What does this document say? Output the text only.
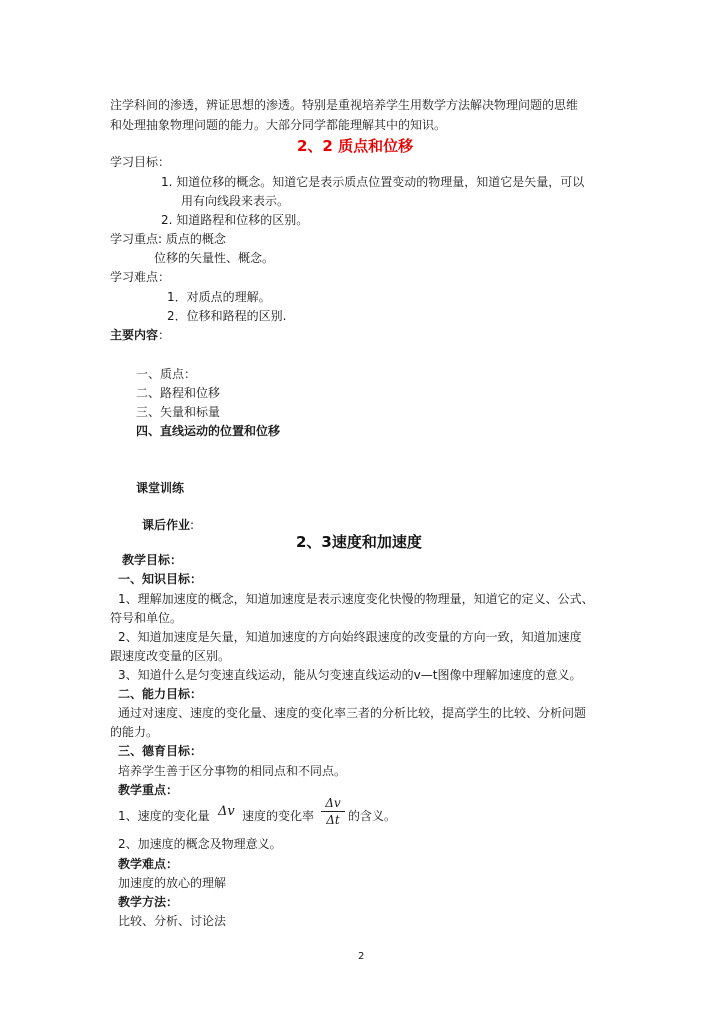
注学科间的渗透，辨证思想的渗透。特别是重视培养学生用数学方法解决物理问题的思维
和处理抽象物理问题的能力。大部分同学都能理解其中的知识。
2、2 质点和位移
学习目标：
1. 知道位移的概念。知道它是表示质点位置变动的物理量，知道它是矢量，可以
用有向线段来表示。
2. 知道路程和位移的区别。
学习重点: 质点的概念
位移的矢量性、概念。
学习难点：
1．对质点的理解。
2．位移和路程的区别.
主要内容：
一、质点：
二、路程和位移
三、矢量和标量
四、直线运动的位置和位移
课堂训练
课后作业:
2、3速度和加速度
教学目标：
一、知识目标：
1、理解加速度的概念，知道加速度是表示速度变化快慢的物理量，知道它的定义、公式、
符号和单位。
2、知道加速度是矢量，知道加速度的方向始终跟速度的改变量的方向一致，知道加速度
跟速度改变量的区别。
3、知道什么是匀变速直线运动，能从匀变速直线运动的v—t图像中理解加速度的意义。
二、能力目标：
通过对速度、速度的变化量、速度的变化率三者的分析比较，提高学生的比较、分析问题
的能力。
三、德育目标：
培养学生善于区分事物的相同点和不同点。
教学重点：
1、速度的变化量 Δv 速度的变化率
Δv
Δt 的含义。
2、加速度的概念及物理意义。
教学难点：
加速度的放心的理解
教学方法：
比较、分析、讨论法
2
